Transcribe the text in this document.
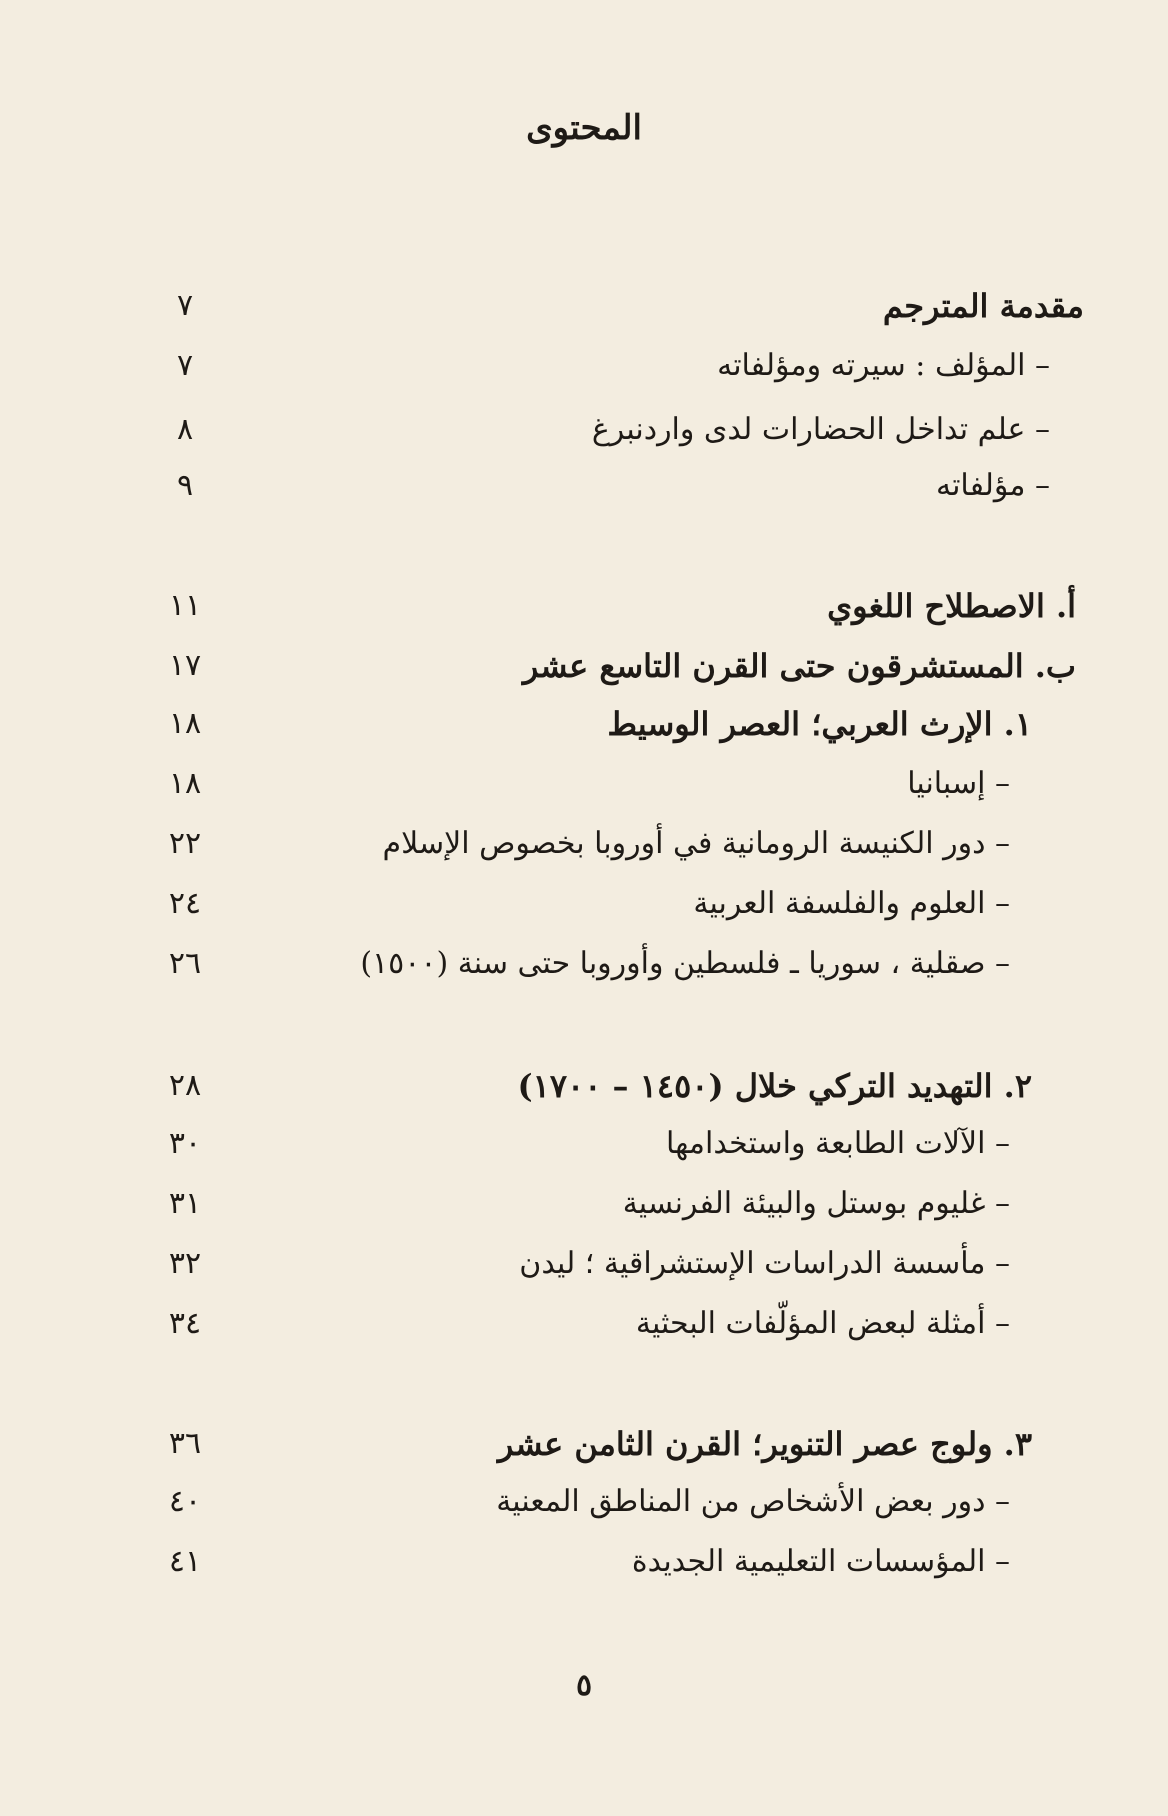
المحتوى
مقدمة المترجم
٧
– المؤلف : سيرته ومؤلفاته
٧
– علم تداخل الحضارات لدى واردنبرغ
٨
– مؤلفاته
٩
أ. الاصطلاح اللغوي
١١
ب. المستشرقون حتى القرن التاسع عشر
١٧
١. الإرث العربي؛ العصر الوسيط
١٨
– إسبانيا
١٨
– دور الكنيسة الرومانية في أوروبا بخصوص الإسلام
٢٢
– العلوم والفلسفة العربية
٢٤
– صقلية ، سوريا ـ فلسطين وأوروبا حتى سنة (١٥٠٠)
٢٦
٢. التهديد التركي خلال (١٤٥٠ – ١٧٠٠)
٢٨
– الآلات الطابعة واستخدامها
٣٠
– غليوم بوستل والبيئة الفرنسية
٣١
– مأسسة الدراسات الإستشراقية ؛ ليدن
٣٢
– أمثلة لبعض المؤلّفات البحثية
٣٤
٣. ولوج عصر التنوير؛ القرن الثامن عشر
٣٦
– دور بعض الأشخاص من المناطق المعنية
٤٠
– المؤسسات التعليمية الجديدة
٤١
٥
